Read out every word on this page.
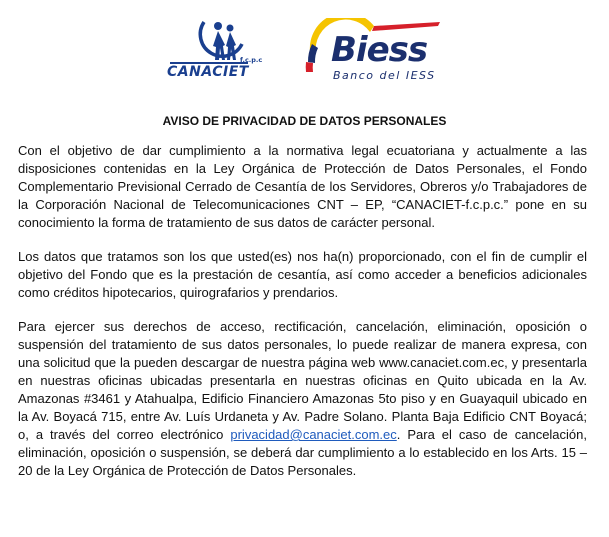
f.c.p.c
CANACIET
Biess
Banco del IESS
AVISO DE PRIVACIDAD DE DATOS PERSONALES

Con el objetivo de dar cumplimiento a la normativa legal ecuatoriana y actualmente a las disposiciones contenidas en la Ley Orgánica de Protección de Datos Personales, el Fondo Complementario Previsional Cerrado de Cesantía de los Servidores, Obreros y/o Trabajadores de la Corporación Nacional de Telecomunicaciones CNT – EP, “CANACIET-f.c.p.c.” pone en su conocimiento la forma de tratamiento de sus datos de carácter personal.

Los datos que tratamos son los que usted(es) nos ha(n) proporcionado, con el fin de cumplir el objetivo del Fondo que es la prestación de cesantía, así como acceder a beneficios adicionales como créditos hipotecarios, quirografarios y prendarios.

Para ejercer sus derechos de acceso, rectificación, cancelación, eliminación, oposición o suspensión del tratamiento de sus datos personales, lo puede realizar de manera expresa, con una solicitud que la pueden descargar de nuestra página web www.canaciet.com.ec, y presentarla en nuestras oficinas ubicadas presentarla en nuestras oficinas en Quito ubicada en la Av. Amazonas #3461 y Atahualpa, Edificio Financiero Amazonas 5to piso y en Guayaquil ubicado en la Av. Boyacá 715, entre Av. Luís Urdaneta y Av. Padre Solano. Planta Baja Edificio CNT Boyacá; o, a través del correo electrónico privacidad@canaciet.com.ec. Para el caso de cancelación, eliminación, oposición o suspensión, se deberá dar cumplimiento a lo establecido en los Arts. 15 – 20 de la Ley Orgánica de Protección de Datos Personales.
